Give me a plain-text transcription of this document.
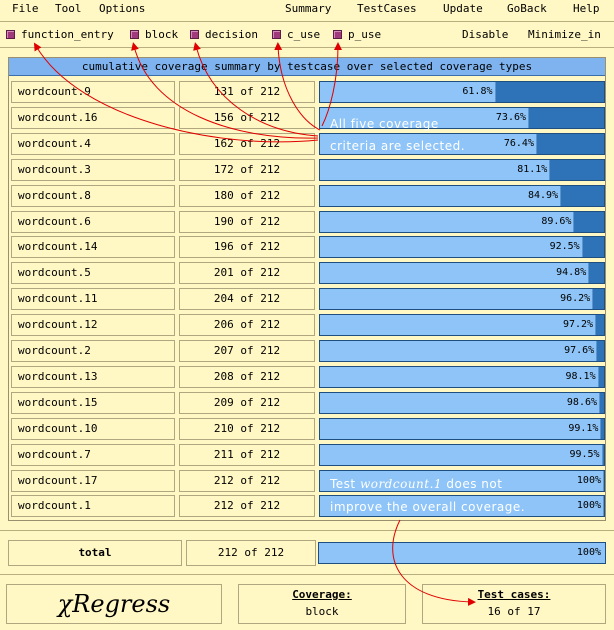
File Tool Options	Summary TestCases Update GoBack Help
function_entry	block decision	c_use	p_use	Disable Minimize_in
cumulative coverage summary by testcase over selected coverage types
wordcount.9	131 of 212	61.8%
wordcount.16	156 of 212	73.6%
wordcount.4	162 of 212	76.4%
wordcount.3	172 of 212	81.1%
wordcount.8	180 of 212	84.9%
wordcount.6	190 of 212	89.6%
wordcount.14	196 of 212	92.5%
wordcount.5	201 of 212	94.8%
wordcount.11	204 of 212	96.2%
wordcount.12	206 of 212	97.2%
wordcount.2	207 of 212	97.6%
wordcount.13	208 of 212	98.1%
wordcount.15	209 of 212	98.6%
wordcount.10	210 of 212	99.1%
wordcount.7	211 of 212	99.5%
wordcount.17	212 of 212	100%
wordcount.1	212 of 212	100%
total	212 of 212	100%
χRegress	Coverage:
block
Test cases:
16 of 17
All five coverage
criteria are selected.
Test wordcount.1 does not
improve the overall coverage.
